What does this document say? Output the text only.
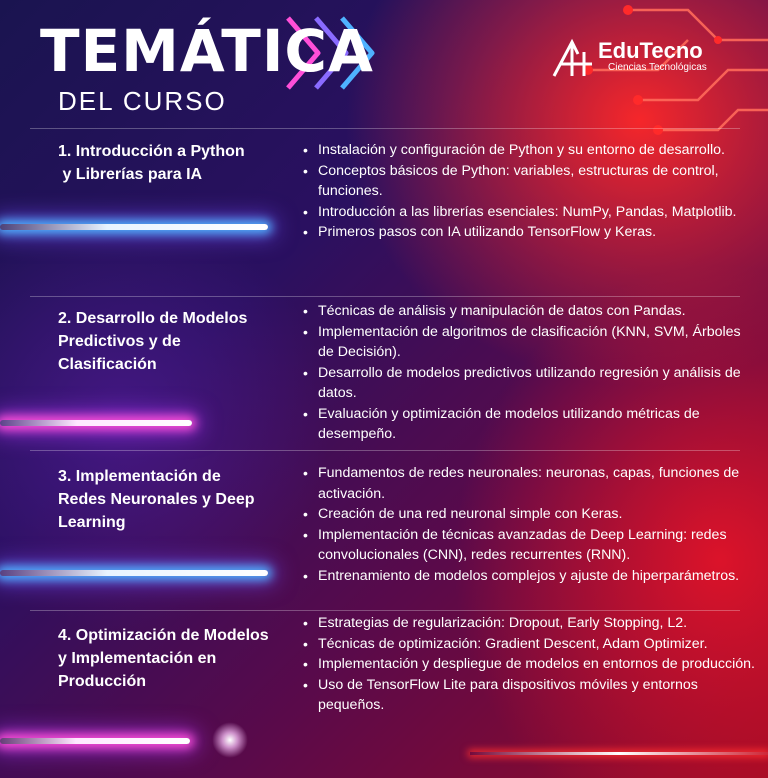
TEMÁTICA
DEL CURSO
EduTecno
Ciencias Tecnológicas
1. Introducción a Python
y Librerías para IA
• Instalación y configuración de Python y su entorno de desarrollo.
• Conceptos básicos de Python: variables, estructuras de control, funciones.
• Introducción a las librerías esenciales: NumPy, Pandas, Matplotlib.
• Primeros pasos con IA utilizando TensorFlow y Keras.
2. Desarrollo de Modelos
Predictivos y de
Clasificación
• Técnicas de análisis y manipulación de datos con Pandas.
• Implementación de algoritmos de clasificación (KNN, SVM, Árboles de Decisión).
• Desarrollo de modelos predictivos utilizando regresión y análisis de datos.
• Evaluación y optimización de modelos utilizando métricas de desempeño.
3. Implementación de
Redes Neuronales y Deep
Learning
• Fundamentos de redes neuronales: neuronas, capas, funciones de activación.
• Creación de una red neuronal simple con Keras.
• Implementación de técnicas avanzadas de Deep Learning: redes convolucionales (CNN), redes recurrentes (RNN).
• Entrenamiento de modelos complejos y ajuste de hiperparámetros.
4. Optimización de Modelos
y Implementación en
Producción
• Estrategias de regularización: Dropout, Early Stopping, L2.
• Técnicas de optimización: Gradient Descent, Adam Optimizer.
• Implementación y despliegue de modelos en entornos de producción.
• Uso de TensorFlow Lite para dispositivos móviles y entornos pequeños.
